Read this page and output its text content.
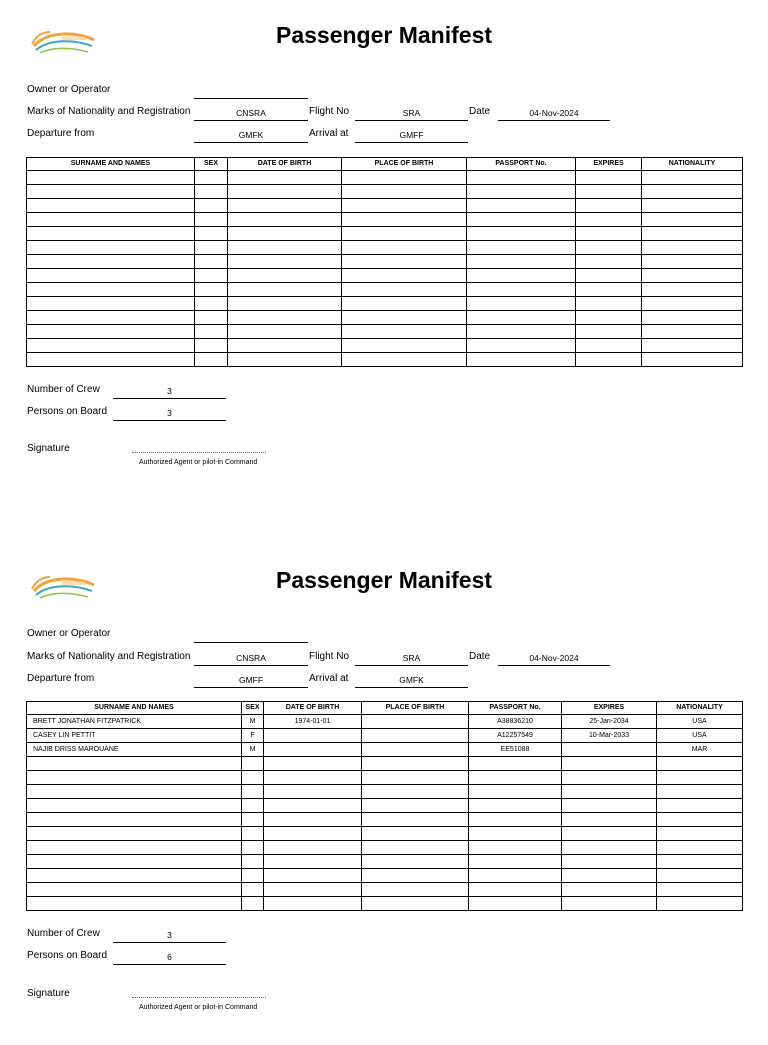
Passenger Manifest
Owner or Operator
Marks of Nationality and Registration	CNSRA	Flight No	SRA	Date	04-Nov-2024
Departure from	GMFK	Arrival at	GMFF
SURNAME AND NAMES	SEX	DATE OF BIRTH	PLACE OF BIRTH	PASSPORT No.	EXPIRES	NATIONALITY

Number of Crew	3
Persons on Board	3
Signature
Authorized Agent or pilot-in Command
Passenger Manifest
Owner or Operator
Marks of Nationality and Registration	CNSRA	Flight No	SRA	Date	04-Nov-2024
Departure from	GMFF	Arrival at	GMFK
SURNAME AND NAMES	SEX	DATE OF BIRTH	PLACE OF BIRTH	PASSPORT No.	EXPIRES	NATIONALITY
BRETT JONATHAN FITZPATRICK	M	1974-01-01		A38836210	25-Jan-2034	USA
CASEY LIN PETTIT	F			A12257549	10-Mar-2033	USA
NAJIB DRISS MAROUANE	M			EE51088		MAR

Number of Crew	3
Persons on Board	6
Signature
Authorized Agent or pilot-in Command
